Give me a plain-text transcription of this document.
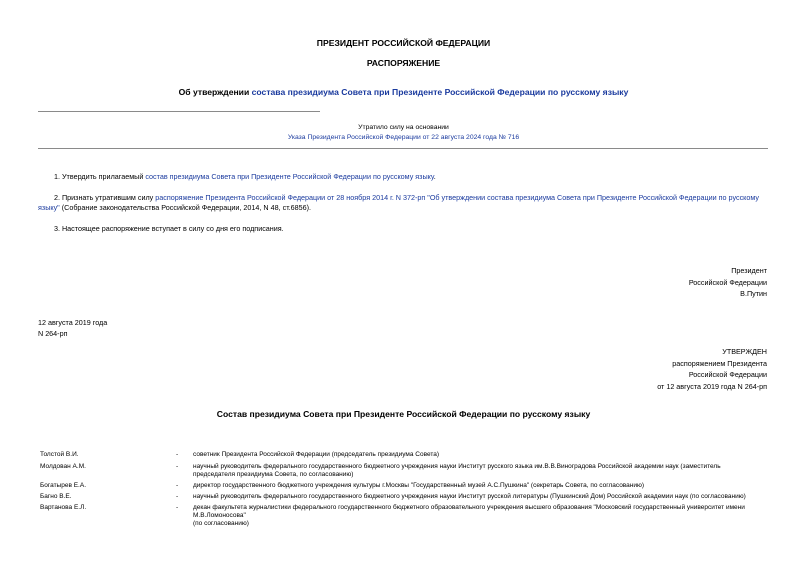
ПРЕЗИДЕНТ РОССИЙСКОЙ ФЕДЕРАЦИИ
РАСПОРЯЖЕНИЕ
Об утверждении состава президиума Совета при Президенте Российской Федерации по русскому языку
Утратило силу на основании
Указа Президента Российской Федерации от 22 августа 2024 года № 716
1. Утвердить прилагаемый состав президиума Совета при Президенте Российской Федерации по русскому языку.
2. Признать утратившим силу распоряжение Президента Российской Федерации от 28 ноября 2014 г. N 372-рп "Об утверждении состава президиума Совета при Президенте Российской Федерации по русскому языку" (Собрание законодательства Российской Федерации, 2014, N 48, ст.6856).
3. Настоящее распоряжение вступает в силу со дня его подписания.
Президент
Российской Федерации
В.Путин
12 августа 2019 года
N 264-рп
УТВЕРЖДЕН
распоряжением Президента
Российской Федерации
от 12 августа 2019 года N 264-рп
Состав президиума Совета при Президенте Российской Федерации по русскому языку
Толстой В.И.	- советник Президента Российской Федерации (председатель президиума Совета)
Молдован А.М.	- научный руководитель федерального государственного бюджетного учреждения науки Институт русского языка им.В.В.Виноградова Российской академии наук (заместитель председателя президиума Совета, по согласованию)
Богатырев Е.А.	- директор государственного бюджетного учреждения культуры г.Москвы "Государственный музей А.С.Пушкина" (секретарь Совета, по согласованию)
Багно В.Е.	- научный руководитель федерального государственного бюджетного учреждения науки Институт русской литературы (Пушкинский Дом) Российской академии наук (по согласованию)
Вартанова Е.Л.	- декан факультета журналистики федерального государственного бюджетного образовательного учреждения высшего образования "Московский государственный университет имени М.В.Ломоносова"
(по согласованию)
